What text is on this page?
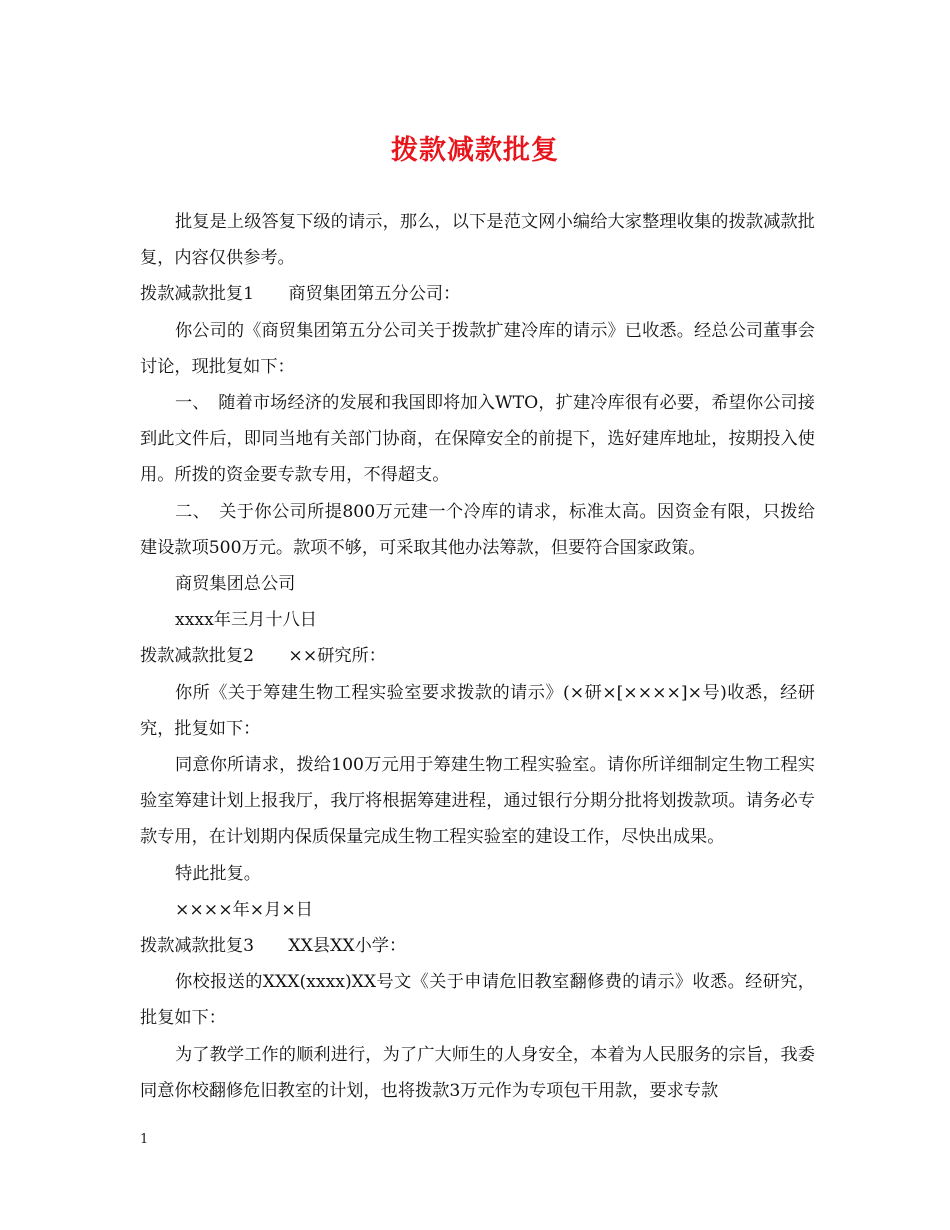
拨款减款批复

批复是上级答复下级的请示，那么，以下是范文网小编给大家整理收集的拨款减款批复，内容仅供参考。

拨款减款批复1　　商贸集团第五分公司：

你公司的《商贸集团第五分公司关于拨款扩建冷库的请示》已收悉。经总公司董事会讨论，现批复如下：

一、　随着市场经济的发展和我国即将加入WTO，扩建冷库很有必要，希望你公司接到此文件后，即同当地有关部门协商，在保障安全的前提下，选好建库地址，按期投入使用。所拨的资金要专款专用，不得超支。

二、　关于你公司所提800万元建一个冷库的请求，标准太高。因资金有限，只拨给建设款项500万元。款项不够，可采取其他办法筹款，但要符合国家政策。

商贸集团总公司

xxxx年三月十八日

拨款减款批复2　　××研究所：

你所《关于筹建生物工程实验室要求拨款的请示》(×研×[××××]×号)收悉，经研究，批复如下：

同意你所请求，拨给100万元用于筹建生物工程实验室。请你所详细制定生物工程实验室筹建计划上报我厅，我厅将根据筹建进程，通过银行分期分批将划拨款项。请务必专款专用，在计划期内保质保量完成生物工程实验室的建设工作，尽快出成果。

特此批复。

××××年×月×日

拨款减款批复3　　XX县XX小学：

你校报送的XXX(xxxx)XX号文《关于申请危旧教室翻修费的请示》收悉。经研究，批复如下：

为了教学工作的顺利进行，为了广大师生的人身安全，本着为人民服务的宗旨，我委同意你校翻修危旧教室的计划，也将拨款3万元作为专项包干用款，要求专款

1
